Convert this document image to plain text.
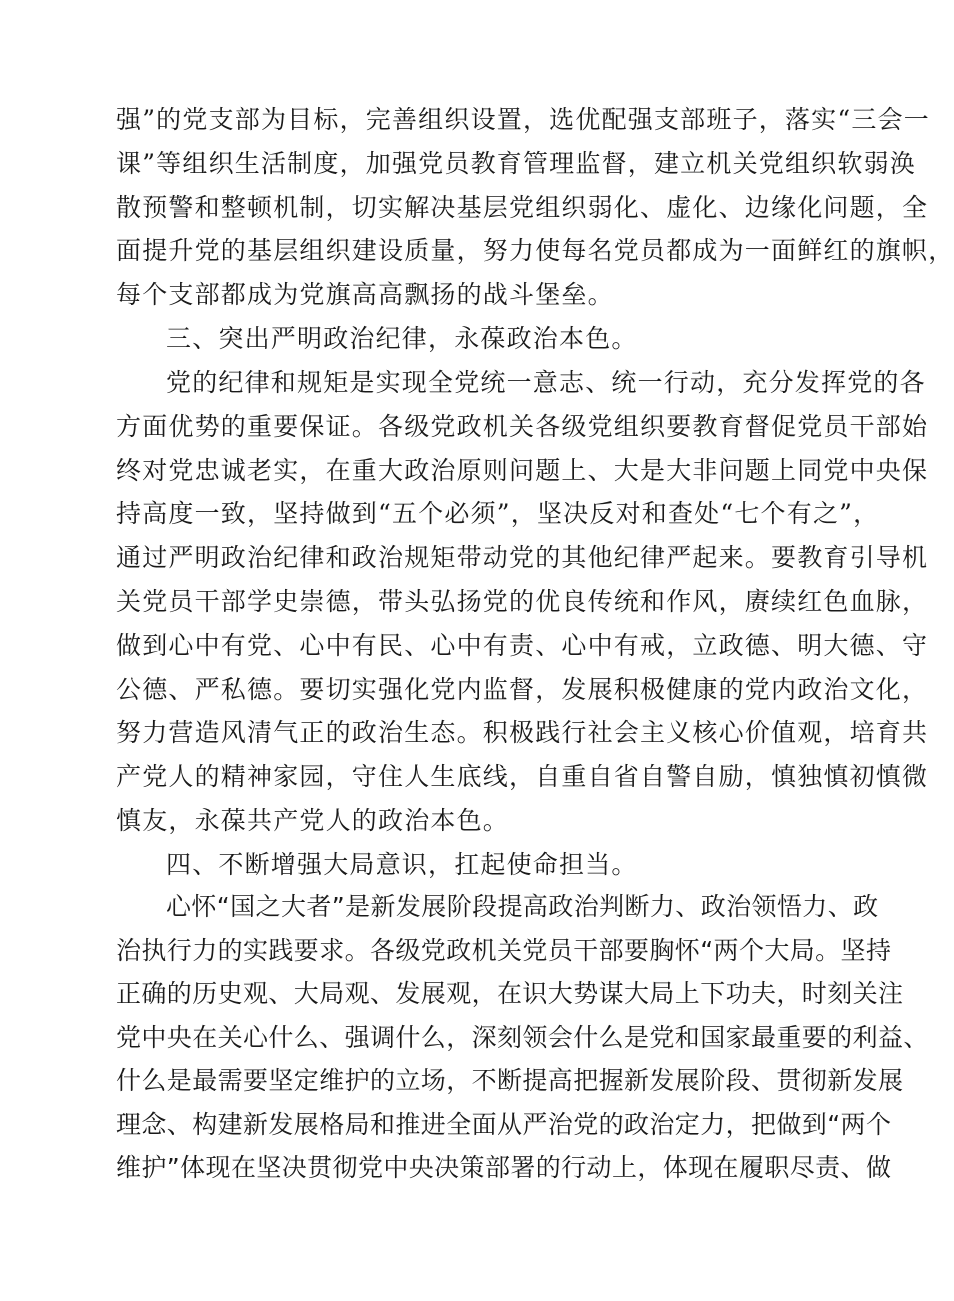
强”的党支部为目标，完善组织设置，选优配强支部班子，落实“三会一
课”等组织生活制度，加强党员教育管理监督，建立机关党组织软弱涣
散预警和整顿机制，切实解决基层党组织弱化、虚化、边缘化问题，全
面提升党的基层组织建设质量，努力使每名党员都成为一面鲜红的旗帜，
每个支部都成为党旗高高飘扬的战斗堡垒。
三、突出严明政治纪律，永葆政治本色。
党的纪律和规矩是实现全党统一意志、统一行动，充分发挥党的各
方面优势的重要保证。各级党政机关各级党组织要教育督促党员干部始
终对党忠诚老实，在重大政治原则问题上、大是大非问题上同党中央保
持高度一致，坚持做到“五个必须”，坚决反对和查处“七个有之”，
通过严明政治纪律和政治规矩带动党的其他纪律严起来。要教育引导机
关党员干部学史崇德，带头弘扬党的优良传统和作风，赓续红色血脉，
做到心中有党、心中有民、心中有责、心中有戒，立政德、明大德、守
公德、严私德。要切实强化党内监督，发展积极健康的党内政治文化，
努力营造风清气正的政治生态。积极践行社会主义核心价值观，培育共
产党人的精神家园，守住人生底线，自重自省自警自励，慎独慎初慎微
慎友，永葆共产党人的政治本色。
四、不断增强大局意识，扛起使命担当。
心怀“国之大者”是新发展阶段提高政治判断力、政治领悟力、政
治执行力的实践要求。各级党政机关党员干部要胸怀“两个大局。坚持
正确的历史观、大局观、发展观，在识大势谋大局上下功夫，时刻关注
党中央在关心什么、强调什么，深刻领会什么是党和国家最重要的利益、
什么是最需要坚定维护的立场，不断提高把握新发展阶段、贯彻新发展
理念、构建新发展格局和推进全面从严治党的政治定力，把做到“两个
维护”体现在坚决贯彻党中央决策部署的行动上，体现在履职尽责、做
